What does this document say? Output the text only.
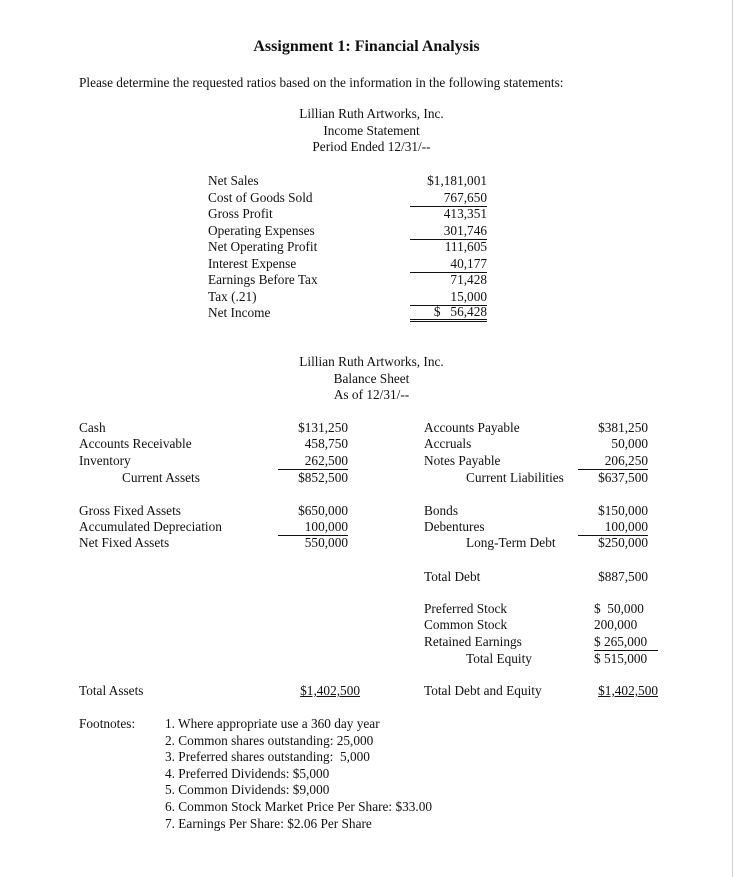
Assignment 1: Financial Analysis
Please determine the requested ratios based on the information in the following statements:
Lillian Ruth Artworks, Inc.
Income Statement
Period Ended 12/31/--
Net Sales	$1,181,001
Cost of Goods Sold	767,650
Gross Profit	413,351
Operating Expenses	301,746
Net Operating Profit	111,605
Interest Expense	40,177
Earnings Before Tax	71,428
Tax (.21)	15,000
Net Income	$   56,428
Lillian Ruth Artworks, Inc.
Balance Sheet
As of 12/31/--
Cash	$131,250
Accounts Receivable	458,750
Inventory	262,500
Current Assets	$852,500
Gross Fixed Assets	$650,000
Accumulated Depreciation	100,000
Net Fixed Assets	550,000
Total Assets	$1,402,500
Accounts Payable	$381,250
Accruals	50,000
Notes Payable	206,250
Current Liabilities	$637,500
Bonds	$150,000
Debentures	100,000
Long-Term Debt	$250,000
Total Debt	$887,500
Preferred Stock	$  50,000
Common Stock	200,000
Retained Earnings	$ 265,000
Total Equity	$ 515,000
Total Debt and Equity	$1,402,500
Footnotes: 1. Where appropriate use a 360 day year
2. Common shares outstanding: 25,000
3. Preferred shares outstanding:  5,000
4. Preferred Dividends: $5,000
5. Common Dividends: $9,000
6. Common Stock Market Price Per Share: $33.00
7. Earnings Per Share: $2.06 Per Share
